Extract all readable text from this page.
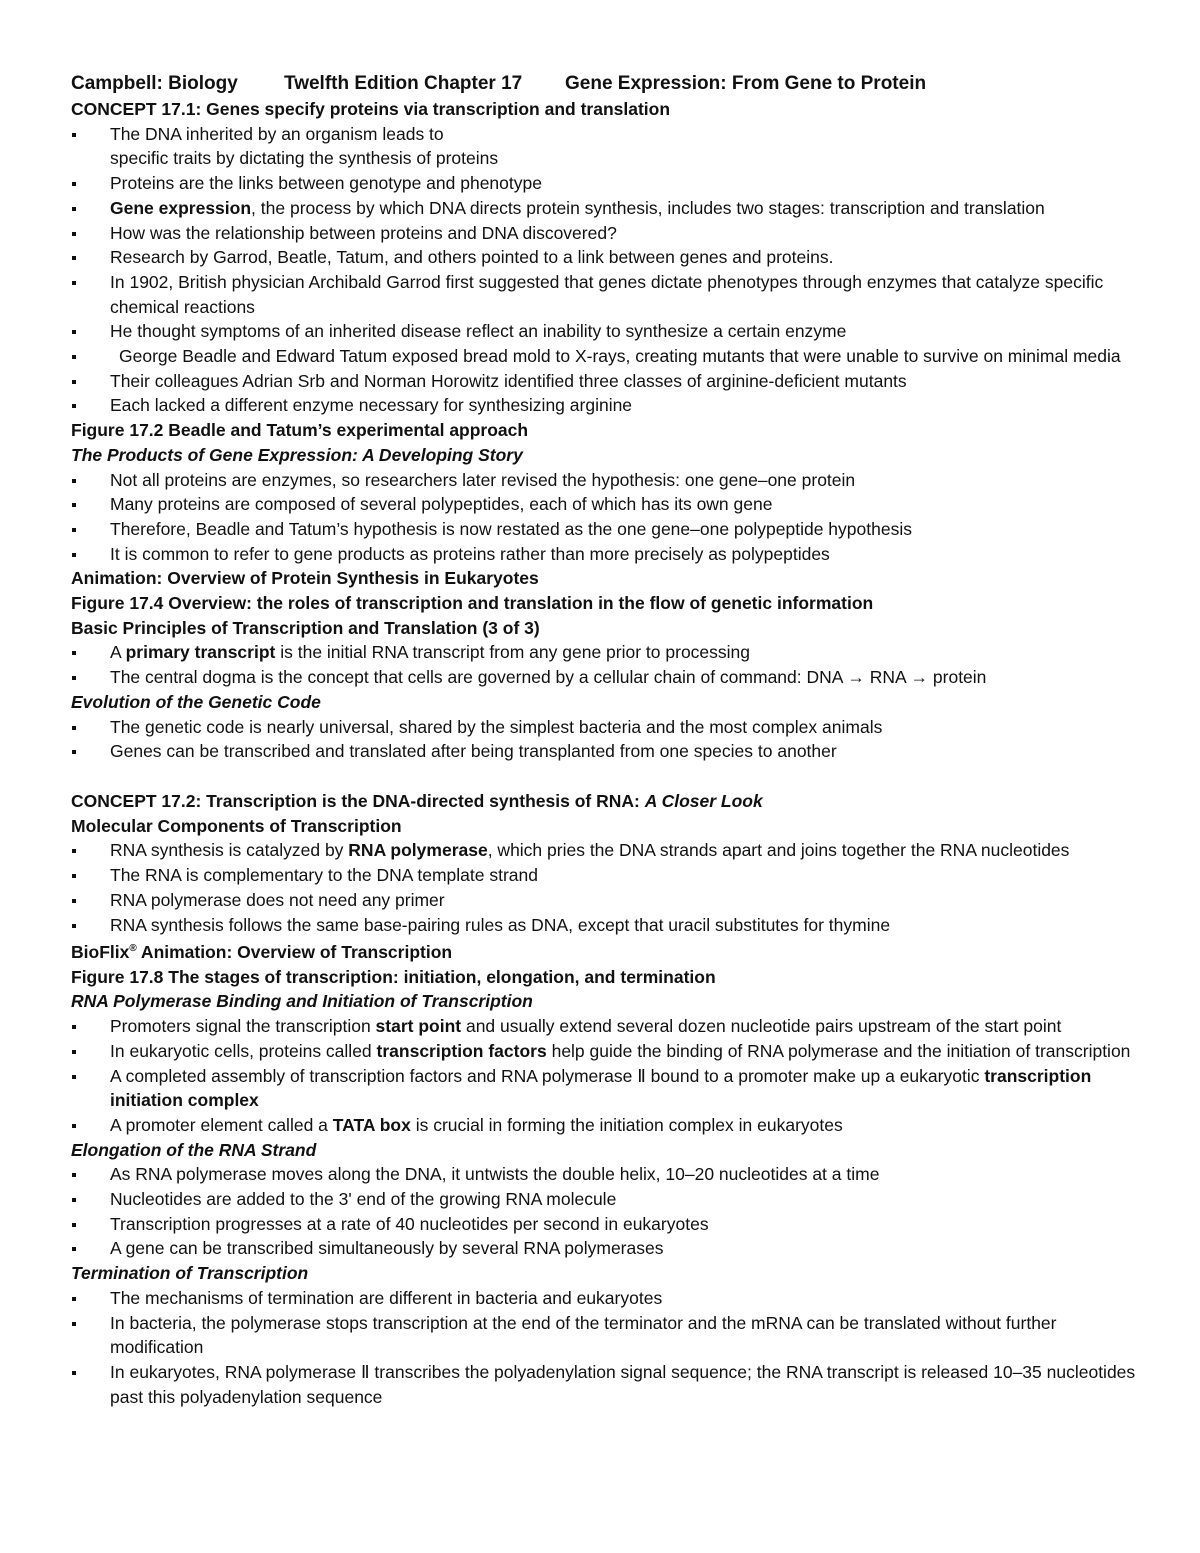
Campbell: Biology Twelfth Edition Chapter 17 Gene Expression: From Gene to Protein
CONCEPT 17.1: Genes specify proteins via transcription and translation
The DNA inherited by an organism leads to
specific traits by dictating the synthesis of proteins
Proteins are the links between genotype and phenotype
Gene expression, the process by which DNA directs protein synthesis, includes two stages: transcription and translation
How was the relationship between proteins and DNA discovered?
Research by Garrod, Beatle, Tatum, and others pointed to a link between genes and proteins.
In 1902, British physician Archibald Garrod first suggested that genes dictate phenotypes through enzymes that catalyze specific chemical reactions
He thought symptoms of an inherited disease reflect an inability to synthesize a certain enzyme
George Beadle and Edward Tatum exposed bread mold to X-rays, creating mutants that were unable to survive on minimal media
Their colleagues Adrian Srb and Norman Horowitz identified three classes of arginine-deficient mutants
Each lacked a different enzyme necessary for synthesizing arginine
Figure 17.2 Beadle and Tatum’s experimental approach
The Products of Gene Expression: A Developing Story
Not all proteins are enzymes, so researchers later revised the hypothesis: one gene–one protein
Many proteins are composed of several polypeptides, each of which has its own gene
Therefore, Beadle and Tatum’s hypothesis is now restated as the one gene–one polypeptide hypothesis
It is common to refer to gene products as proteins rather than more precisely as polypeptides
Animation: Overview of Protein Synthesis in Eukaryotes
Figure 17.4 Overview: the roles of transcription and translation in the flow of genetic information
Basic Principles of Transcription and Translation (3 of 3)
A primary transcript is the initial RNA transcript from any gene prior to processing
The central dogma is the concept that cells are governed by a cellular chain of command: DNA → RNA → protein
Evolution of the Genetic Code
The genetic code is nearly universal, shared by the simplest bacteria and the most complex animals
Genes can be transcribed and translated after being transplanted from one species to another
CONCEPT 17.2: Transcription is the DNA-directed synthesis of RNA: A Closer Look
Molecular Components of Transcription
RNA synthesis is catalyzed by RNA polymerase, which pries the DNA strands apart and joins together the RNA nucleotides
The RNA is complementary to the DNA template strand
RNA polymerase does not need any primer
RNA synthesis follows the same base-pairing rules as DNA, except that uracil substitutes for thymine
BioFlix® Animation: Overview of Transcription
Figure 17.8 The stages of transcription: initiation, elongation, and termination
RNA Polymerase Binding and Initiation of Transcription
Promoters signal the transcription start point and usually extend several dozen nucleotide pairs upstream of the start point
In eukaryotic cells, proteins called transcription factors help guide the binding of RNA polymerase and the initiation of transcription
A completed assembly of transcription factors and RNA polymerase Ⅱ bound to a promoter make up a eukaryotic transcription initiation complex
A promoter element called a TATA box is crucial in forming the initiation complex in eukaryotes
Elongation of the RNA Strand
As RNA polymerase moves along the DNA, it untwists the double helix, 10–20 nucleotides at a time
Nucleotides are added to the 3' end of the growing RNA molecule
Transcription progresses at a rate of 40 nucleotides per second in eukaryotes
A gene can be transcribed simultaneously by several RNA polymerases
Termination of Transcription
The mechanisms of termination are different in bacteria and eukaryotes
In bacteria, the polymerase stops transcription at the end of the terminator and the mRNA can be translated without further modification
In eukaryotes, RNA polymerase Ⅱ transcribes the polyadenylation signal sequence; the RNA transcript is released 10–35 nucleotides past this polyadenylation sequence
